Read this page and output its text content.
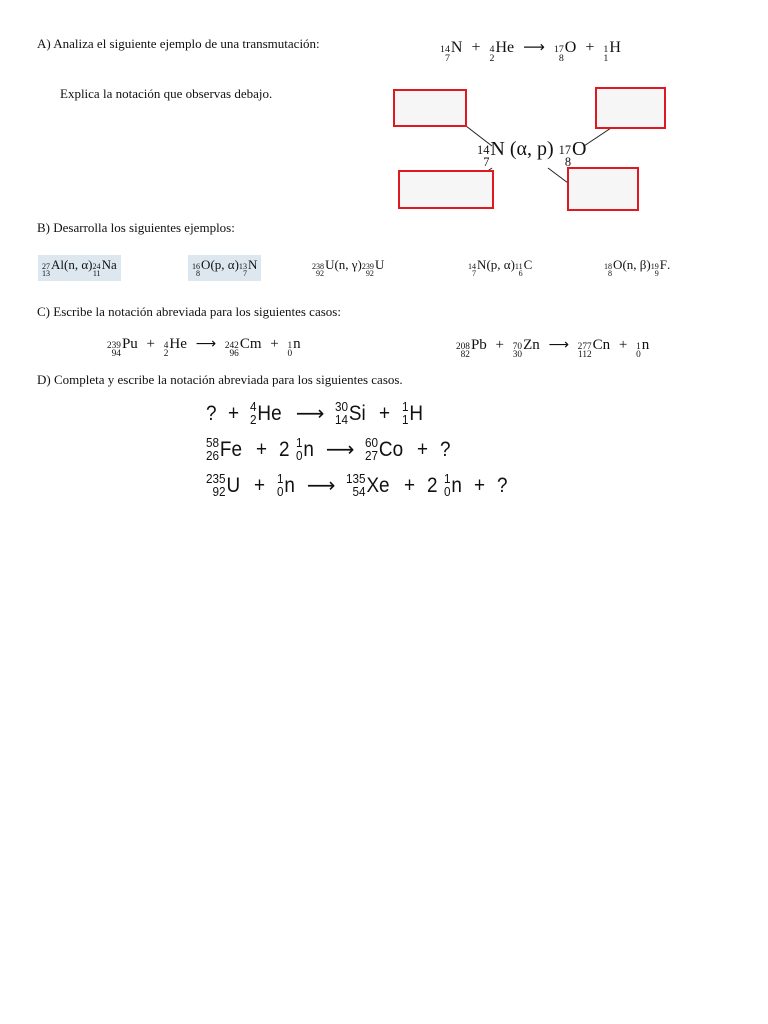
A) Analiza el siguiente ejemplo de una transmutación:	14
7
N + 4
2
He ⟶ 17
8
O + 1
1
H
Explica la notación que observas debajo.
14
7
N (α, p) 17
8
O
B) Desarrolla los siguientes ejemplos:
27
13
Al (n, α) 24
11
Na	16
8
O (p, α) 13
7
N	238
92
U (n, γ) 239
92
U	14
7
N (p, α) 11
6
C	18
8
O (n, β) 19
9
F .
C) Escribe la notación abreviada para los siguientes casos:
239
94
Pu + 4
2
He ⟶ 242
96
Cm + 1
0
n	208
82
Pb + 70
30
Zn ⟶ 277
112
Cn + 1
0
n
D) Completa y escribe la notación abreviada para los siguientes casos.
? + 4
2 He ⟶ 30
14 Si + 1
1 H
58
26 Fe + 2 1
0 n ⟶ 60
27 Co + ?
235
92 U + 1
0 n ⟶ 135
54 Xe + 2 1
0 n + ?
